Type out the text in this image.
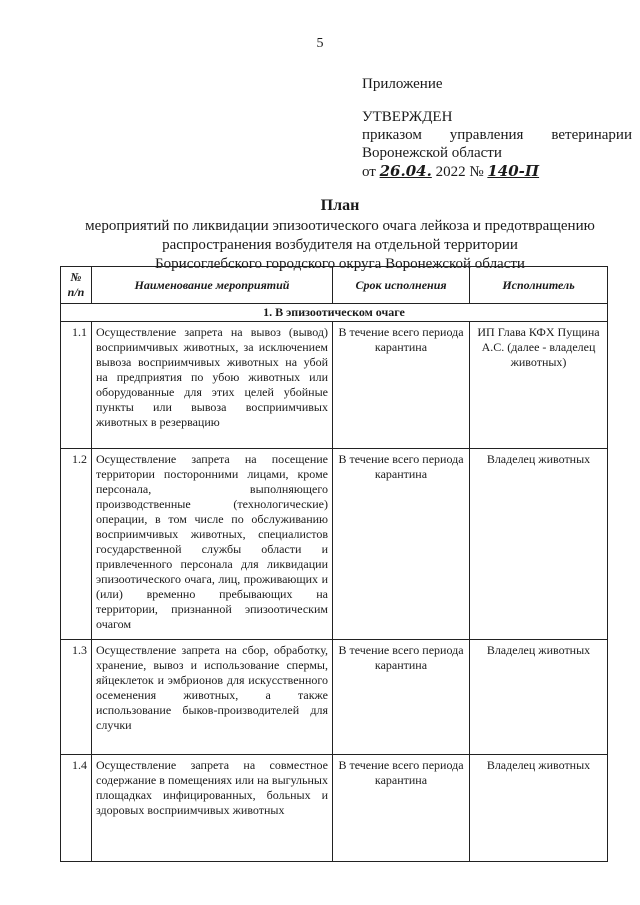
5
Приложение
УТВЕРЖДЕН
приказом управления ветеринарии
Воронежской области
от 26.04. 2022 № 140-П
План
мероприятий по ликвидации эпизоотического очага лейкоза и предотвращению
распространения возбудителя на отдельной территории
Борисоглебского городского округа Воронежской области
№ п/п	Наименование мероприятий	Срок исполнения	Исполнитель
1. В эпизоотическом очаге			
1.1	Осуществление запрета на вывоз (вывод) восприимчивых животных, за исключением вывоза восприимчивых животных на убой на предприятия по убою животных или оборудованные для этих целей убойные пункты или вывоза восприимчивых животных в резервацию	В течение всего периода карантина	ИП Глава КФХ Пущина А.С. (далее - владелец животных)
1.2	Осуществление запрета на посещение территории посторонними лицами, кроме персонала, выполняющего производственные (технологические) операции, в том числе по обслуживанию восприимчивых животных, специалистов государственной службы области и привлеченного персонала для ликвидации эпизоотического очага, лиц, проживающих и (или) временно пребывающих на территории, признанной эпизоотическим очагом	В течение всего периода карантина	Владелец животных
1.3	Осуществление запрета на сбор, обработку, хранение, вывоз и использование спермы, яйцеклеток и эмбрионов для искусственного осеменения животных, а также использование быков-производителей для случки	В течение всего периода карантина	Владелец животных
1.4	Осуществление запрета на совместное содержание в помещениях или на выгульных площадках инфицированных, больных и здоровых восприимчивых животных	В течение всего периода карантина	Владелец животных
